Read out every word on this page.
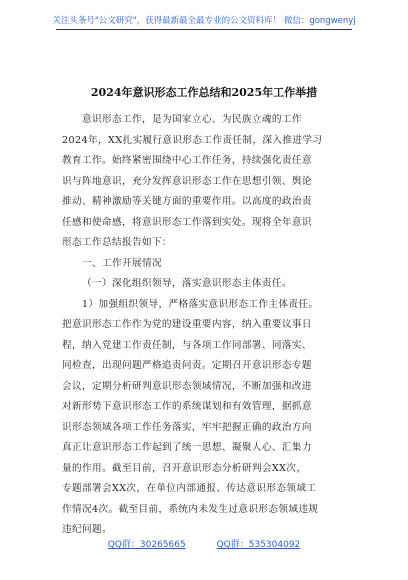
关注头条号"公文研究"，获得最新最全最专业的公文资料库！ 微信：gongwenyj
2024年意识形态工作总结和2025年工作举措
意识形态工作，是为国家立心、为民族立魂的工作
2024年，XX扎实履行意识形态工作责任制，深入推进学习
教育工作。始终紧密围绕中心工作任务，持续强化责任意
识与阵地意识，充分发挥意识形态工作在思想引领、舆论
推动、精神激励等关键方面的重要作用。以高度的政治责
任感和使命感，将意识形态工作落到实处。现将全年意识
形态工作总结报告如下：
一、工作开展情况
（一）深化组织领导，落实意识形态主体责任。
1）加强组织领导，严格落实意识形态工作主体责任。
把意识形态工作作为党的建设重要内容，纳入重要议事日
程，纳入党建工作责任制，与各项工作同部署、同落实、
同检查，出现问题严格追责问责。定期召开意识形态专题
会议，定期分析研判意识形态领域情况，不断加强和改进
对新形势下意识形态工作的系统谋划和有效管理，据抓意
识形态领域各项工作任务落实，牢牢把握正确的政治方向
真正让意识形态工作起到了统一思想、凝聚人心、汇集力
量的作用。截至目前，召开意识形态分析研判会XX次，
专题部署会XX次，在单位内部通报、传达意识形态领域工
作情况4次。截至目前，系统内未发生过意识形态领域违规
违纪问题。
QQ群：30265665	QQ群：535304092
